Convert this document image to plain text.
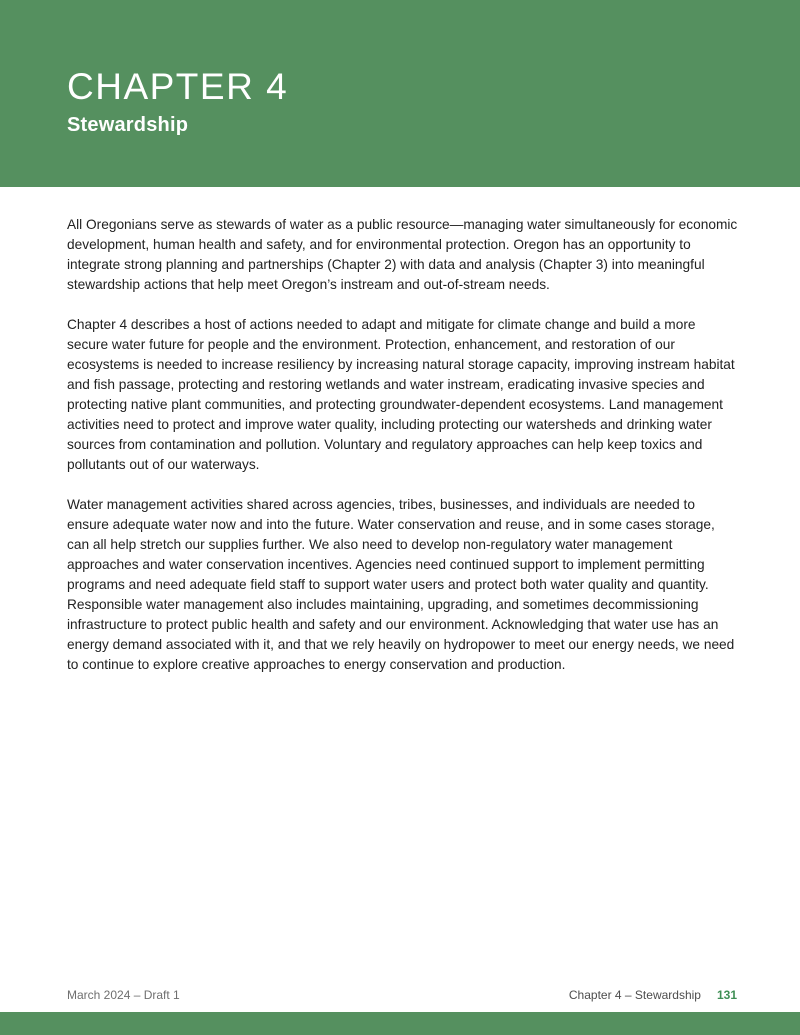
CHAPTER 4
Stewardship

All Oregonians serve as stewards of water as a public resource—managing water simultaneously for economic development, human health and safety, and for environmental protection. Oregon has an opportunity to integrate strong planning and partnerships (Chapter 2) with data and analysis (Chapter 3) into meaningful stewardship actions that help meet Oregon’s instream and out-of-stream needs.

Chapter 4 describes a host of actions needed to adapt and mitigate for climate change and build a more secure water future for people and the environment. Protection, enhancement, and restoration of our ecosystems is needed to increase resiliency by increasing natural storage capacity, improving instream habitat and fish passage, protecting and restoring wetlands and water instream, eradicating invasive species and protecting native plant communities, and protecting groundwater-dependent ecosystems. Land management activities need to protect and improve water quality, including protecting our watersheds and drinking water sources from contamination and pollution. Voluntary and regulatory approaches can help keep toxics and pollutants out of our waterways.

Water management activities shared across agencies, tribes, businesses, and individuals are needed to ensure adequate water now and into the future. Water conservation and reuse, and in some cases storage, can all help stretch our supplies further. We also need to develop non-regulatory water management approaches and water conservation incentives. Agencies need continued support to implement permitting programs and need adequate field staff to support water users and protect both water quality and quantity. Responsible water management also includes maintaining, upgrading, and sometimes decommissioning infrastructure to protect public health and safety and our environment. Acknowledging that water use has an energy demand associated with it, and that we rely heavily on hydropower to meet our energy needs, we need to continue to explore creative approaches to energy conservation and production.

March 2024 – Draft 1	Chapter 4 – Stewardship 131
